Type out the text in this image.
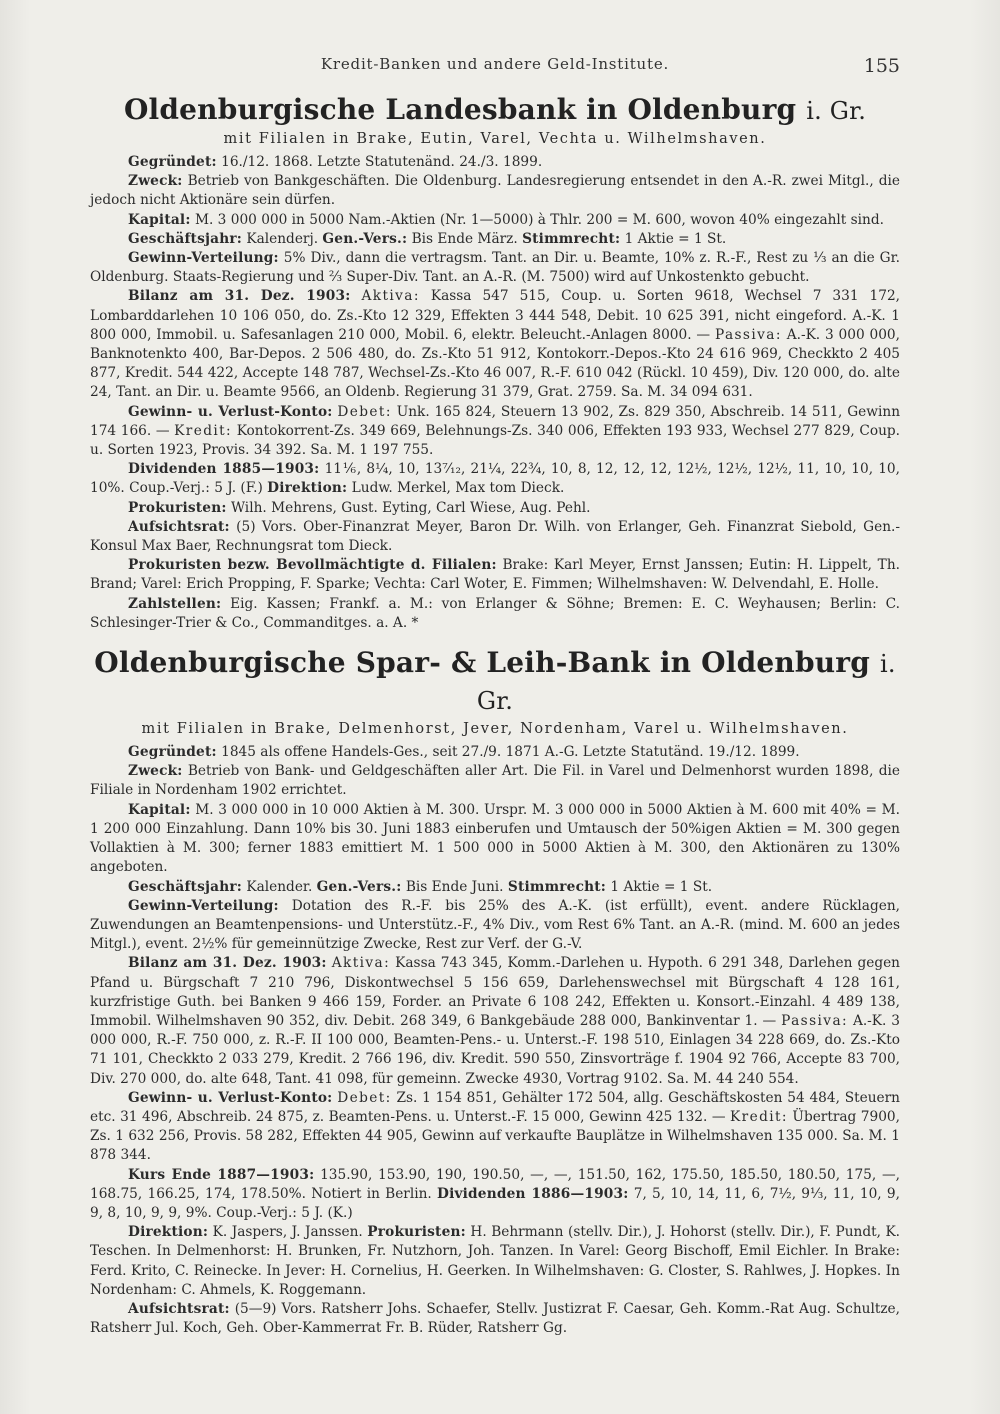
Kredit-Banken und andere Geld-Institute.	155
Oldenburgische Landesbank in Oldenburg i. Gr.

mit Filialen in Brake, Eutin, Varel, Vechta u. Wilhelmshaven.

Gegründet: 16./12. 1868. Letzte Statutenänd. 24./3. 1899.

Zweck: Betrieb von Bankgeschäften. Die Oldenburg. Landesregierung entsendet in den A.-R. zwei Mitgl., die jedoch nicht Aktionäre sein dürfen.

Kapital: M. 3 000 000 in 5000 Nam.-Aktien (Nr. 1—5000) à Thlr. 200 = M. 600, wovon 40% eingezahlt sind.

Geschäftsjahr: Kalenderj. Gen.-Vers.: Bis Ende März. Stimmrecht: 1 Aktie = 1 St.

Gewinn-Verteilung: 5% Div., dann die vertragsm. Tant. an Dir. u. Beamte, 10% z. R.-F., Rest zu ⅓ an die Gr. Oldenburg. Staats-Regierung und ⅔ Super-Div. Tant. an A.-R. (M. 7500) wird auf Unkostenkto gebucht.

Bilanz am 31. Dez. 1903: Aktiva: Kassa 547 515, Coup. u. Sorten 9618, Wechsel 7 331 172, Lombarddarlehen 10 106 050, do. Zs.-Kto 12 329, Effekten 3 444 548, Debit. 10 625 391, nicht eingeford. A.-K. 1 800 000, Immobil. u. Safesanlagen 210 000, Mobil. 6, elektr. Beleucht.-Anlagen 8000. — Passiva: A.-K. 3 000 000, Banknotenkto 400, Bar-Depos. 2 506 480, do. Zs.-Kto 51 912, Kontokorr.-Depos.-Kto 24 616 969, Checkkto 2 405 877, Kredit. 544 422, Accepte 148 787, Wechsel-Zs.-Kto 46 007, R.-F. 610 042 (Rückl. 10 459), Div. 120 000, do. alte 24, Tant. an Dir. u. Beamte 9566, an Oldenb. Regierung 31 379, Grat. 2759. Sa. M. 34 094 631.

Gewinn- u. Verlust-Konto: Debet: Unk. 165 824, Steuern 13 902, Zs. 829 350, Abschreib. 14 511, Gewinn 174 166. — Kredit: Kontokorrent-Zs. 349 669, Belehnungs-Zs. 340 006, Effekten 193 933, Wechsel 277 829, Coup. u. Sorten 1923, Provis. 34 392. Sa. M. 1 197 755.

Dividenden 1885—1903: 11⅙, 8¼, 10, 13⁷⁄₁₂, 21¼, 22¾, 10, 8, 12, 12, 12, 12½, 12½, 12½, 11, 10, 10, 10, 10%. Coup.-Verj.: 5 J. (F.) Direktion: Ludw. Merkel, Max tom Dieck.

Prokuristen: Wilh. Mehrens, Gust. Eyting, Carl Wiese, Aug. Pehl.

Aufsichtsrat: (5) Vors. Ober-Finanzrat Meyer, Baron Dr. Wilh. von Erlanger, Geh. Finanzrat Siebold, Gen.-Konsul Max Baer, Rechnungsrat tom Dieck.

Prokuristen bezw. Bevollmächtigte d. Filialen: Brake: Karl Meyer, Ernst Janssen; Eutin: H. Lippelt, Th. Brand; Varel: Erich Propping, F. Sparke; Vechta: Carl Woter, E. Fimmen; Wilhelmshaven: W. Delvendahl, E. Holle.

Zahlstellen: Eig. Kassen; Frankf. a. M.: von Erlanger & Söhne; Bremen: E. C. Weyhausen; Berlin: C. Schlesinger-Trier & Co., Commanditges. a. A. *

Oldenburgische Spar- & Leih-Bank in Oldenburg i. Gr.

mit Filialen in Brake, Delmenhorst, Jever, Nordenham, Varel u. Wilhelmshaven.

Gegründet: 1845 als offene Handels-Ges., seit 27./9. 1871 A.-G. Letzte Statutänd. 19./12. 1899.

Zweck: Betrieb von Bank- und Geldgeschäften aller Art. Die Fil. in Varel und Delmenhorst wurden 1898, die Filiale in Nordenham 1902 errichtet.

Kapital: M. 3 000 000 in 10 000 Aktien à M. 300. Urspr. M. 3 000 000 in 5000 Aktien à M. 600 mit 40% = M. 1 200 000 Einzahlung. Dann 10% bis 30. Juni 1883 einberufen und Umtausch der 50%igen Aktien = M. 300 gegen Vollaktien à M. 300; ferner 1883 emittiert M. 1 500 000 in 5000 Aktien à M. 300, den Aktionären zu 130% angeboten.

Geschäftsjahr: Kalender. Gen.-Vers.: Bis Ende Juni. Stimmrecht: 1 Aktie = 1 St.

Gewinn-Verteilung: Dotation des R.-F. bis 25% des A.-K. (ist erfüllt), event. andere Rücklagen, Zuwendungen an Beamtenpensions- und Unterstütz.-F., 4% Div., vom Rest 6% Tant. an A.-R. (mind. M. 600 an jedes Mitgl.), event. 2½% für gemeinnützige Zwecke, Rest zur Verf. der G.-V.

Bilanz am 31. Dez. 1903: Aktiva: Kassa 743 345, Komm.-Darlehen u. Hypoth. 6 291 348, Darlehen gegen Pfand u. Bürgschaft 7 210 796, Diskontwechsel 5 156 659, Darlehenswechsel mit Bürgschaft 4 128 161, kurzfristige Guth. bei Banken 9 466 159, Forder. an Private 6 108 242, Effekten u. Konsort.-Einzahl. 4 489 138, Immobil. Wilhelmshaven 90 352, div. Debit. 268 349, 6 Bankgebäude 288 000, Bankinventar 1. — Passiva: A.-K. 3 000 000, R.-F. 750 000, z. R.-F. II 100 000, Beamten-Pens.- u. Unterst.-F. 198 510, Einlagen 34 228 669, do. Zs.-Kto 71 101, Checkkto 2 033 279, Kredit. 2 766 196, div. Kredit. 590 550, Zinsvorträge f. 1904 92 766, Accepte 83 700, Div. 270 000, do. alte 648, Tant. 41 098, für gemeinn. Zwecke 4930, Vortrag 9102. Sa. M. 44 240 554.

Gewinn- u. Verlust-Konto: Debet: Zs. 1 154 851, Gehälter 172 504, allg. Geschäftskosten 54 484, Steuern etc. 31 496, Abschreib. 24 875, z. Beamten-Pens. u. Unterst.-F. 15 000, Gewinn 425 132. — Kredit: Übertrag 7900, Zs. 1 632 256, Provis. 58 282, Effekten 44 905, Gewinn auf verkaufte Bauplätze in Wilhelmshaven 135 000. Sa. M. 1 878 344.

Kurs Ende 1887—1903: 135.90, 153.90, 190, 190.50, —, —, 151.50, 162, 175.50, 185.50, 180.50, 175, —, 168.75, 166.25, 174, 178.50%. Notiert in Berlin. Dividenden 1886—1903: 7, 5, 10, 14, 11, 6, 7½, 9⅓, 11, 10, 9, 9, 8, 10, 9, 9, 9%. Coup.-Verj.: 5 J. (K.)

Direktion: K. Jaspers, J. Janssen. Prokuristen: H. Behrmann (stellv. Dir.), J. Hohorst (stellv. Dir.), F. Pundt, K. Teschen. In Delmenhorst: H. Brunken, Fr. Nutzhorn, Joh. Tanzen. In Varel: Georg Bischoff, Emil Eichler. In Brake: Ferd. Krito, C. Reinecke. In Jever: H. Cornelius, H. Geerken. In Wilhelmshaven: G. Closter, S. Rahlwes, J. Hopkes. In Nordenham: C. Ahmels, K. Roggemann.

Aufsichtsrat: (5—9) Vors. Ratsherr Johs. Schaefer, Stellv. Justizrat F. Caesar, Geh. Komm.-Rat Aug. Schultze, Ratsherr Jul. Koch, Geh. Ober-Kammerrat Fr. B. Rüder, Ratsherr Gg.
